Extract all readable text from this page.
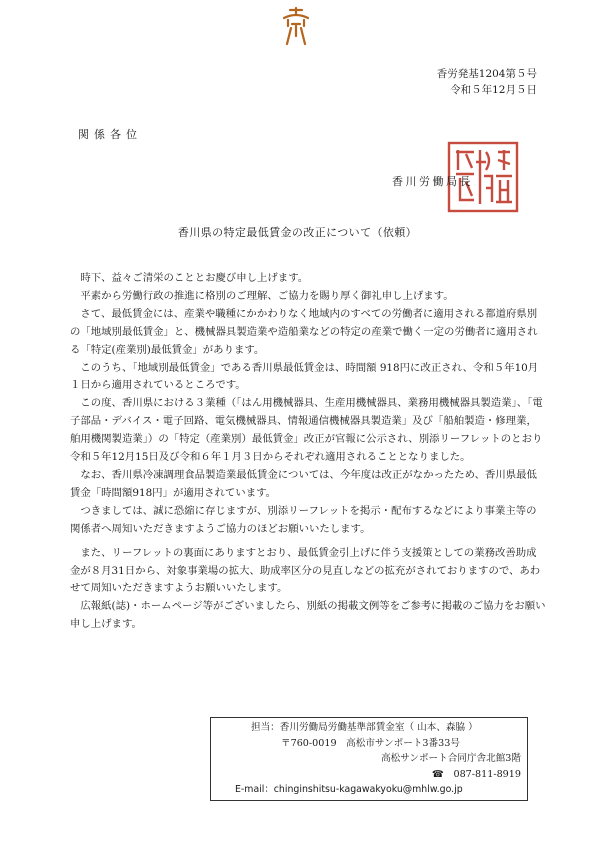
香労発基1204第５号
令和５年12月５日
関係各位
香川労働局長
香川県の特定最低賃金の改正について（依頼）

時下、益々ご清栄のこととお慶び申し上げます。

平素から労働行政の推進に格別のご理解、ご協力を賜り厚く御礼申し上げます。

さて、最低賃金には、産業や職種にかかわりなく地域内のすべての労働者に適用される都道府県別の「地域別最低賃金」と、機械器具製造業や造船業などの特定の産業で働く一定の労働者に適用される「特定(産業別)最低賃金」があります。

このうち、「地域別最低賃金」である香川県最低賃金は、時間額 918円に改正され、令和５年10月１日から適用されているところです。

この度、香川県における３業種（「はん用機械器具、生産用機械器具、業務用機械器具製造業」、「電子部品・デバイス・電子回路、電気機械器具、情報通信機械器具製造業」及び「船舶製造・修理業，舶用機関製造業」）の「特定（産業別）最低賃金」改正が官報に公示され、別添リーフレットのとおり令和５年12月15日及び令和６年１月３日からそれぞれ適用されることとなりました。

なお、香川県冷凍調理食品製造業最低賃金については、今年度は改正がなかったため、香川県最低賃金「時間額918円」が適用されています。

つきましては、誠に恐縮に存じますが、別添リーフレットを掲示・配布するなどにより事業主等の関係者へ周知いただきますようご協力のほどお願いいたします。

また、リーフレットの裏面にありますとおり、最低賃金引上げに伴う支援策としての業務改善助成金が８月31日から、対象事業場の拡大、助成率区分の見直しなどの拡充がされておりますので、あわせて周知いただきますようお願いいたします。

広報紙(誌)・ホームページ等がございましたら、別紙の掲載文例等をご参考に掲載のご協力をお願い申し上げます。

担当：香川労働局労働基準部賃金室（ 山本、森脇 ）
〒760-0019　高松市サンポート3番33号
高松サンポート合同庁舎北館3階
☎　087-811-8919
E-mail：chinginshitsu-kagawakyoku@mhlw.go.jp
